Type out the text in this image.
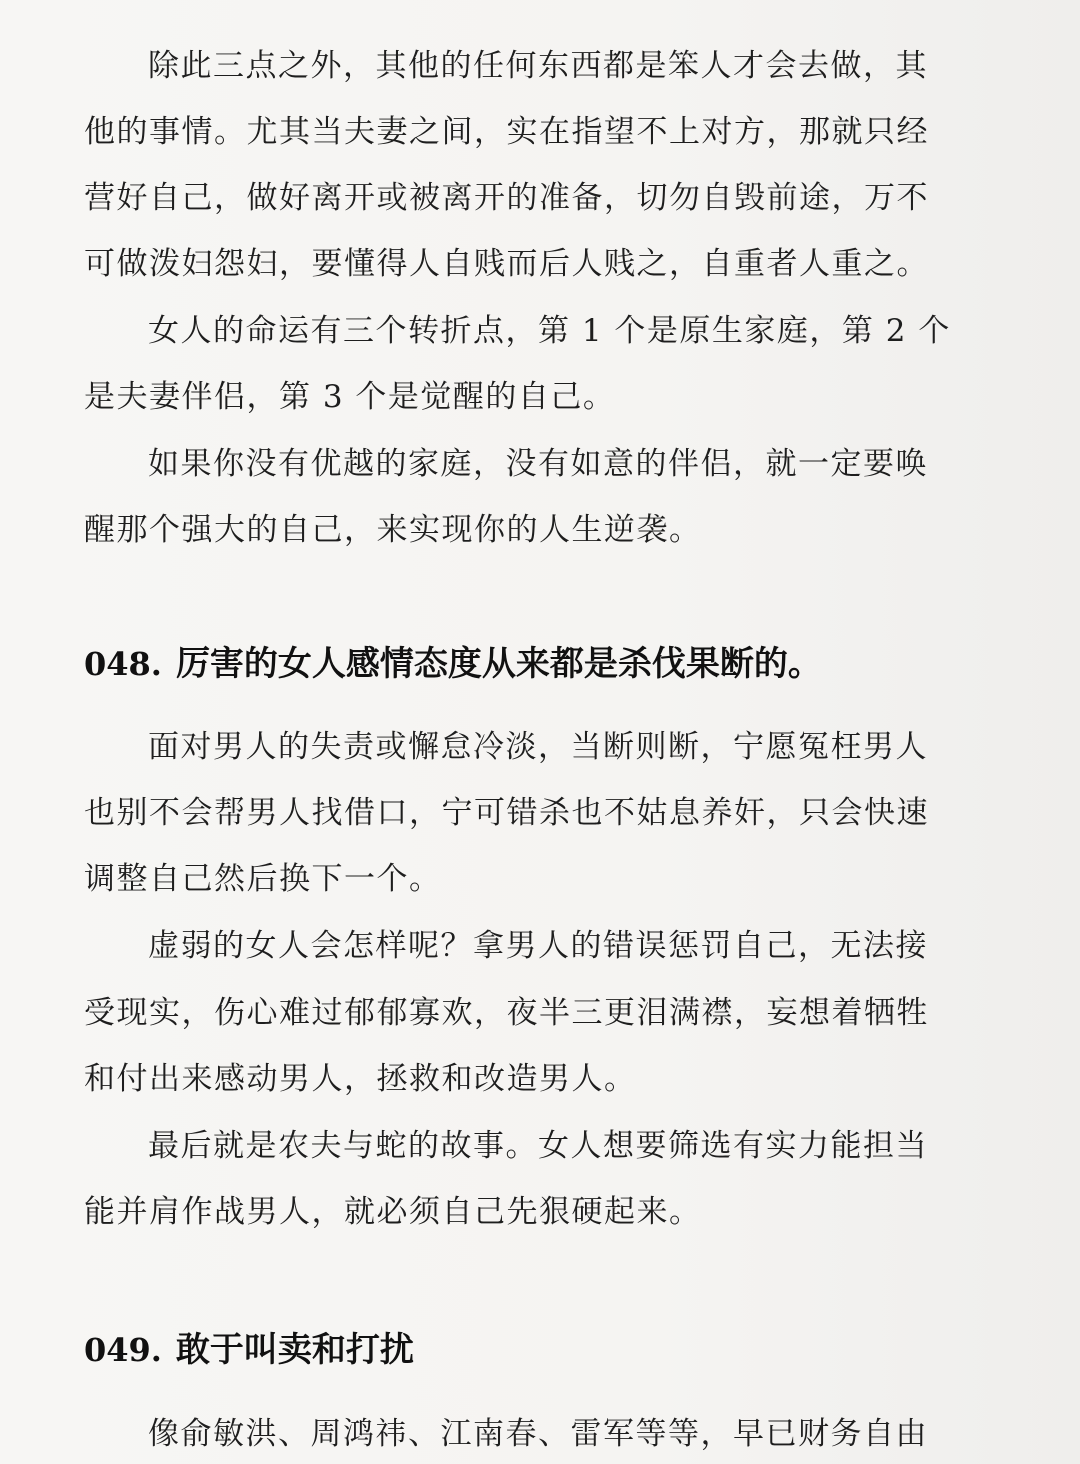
除此三点之外，其他的任何东西都是笨人才会去做，其
他的事情。尤其当夫妻之间，实在指望不上对方，那就只经
营好自己，做好离开或被离开的准备，切勿自毁前途，万不
可做泼妇怨妇，要懂得人自贱而后人贱之，自重者人重之。
女人的命运有三个转折点，第 1 个是原生家庭，第 2 个
是夫妻伴侣，第 3 个是觉醒的自己。
如果你没有优越的家庭，没有如意的伴侣，就一定要唤
醒那个强大的自己，来实现你的人生逆袭。
048. 厉害的女人感情态度从来都是杀伐果断的。
面对男人的失责或懈怠冷淡，当断则断，宁愿冤枉男人
也别不会帮男人找借口，宁可错杀也不姑息养奸，只会快速
调整自己然后换下一个。
虚弱的女人会怎样呢？拿男人的错误惩罚自己，无法接
受现实，伤心难过郁郁寡欢，夜半三更泪满襟，妄想着牺牲
和付出来感动男人，拯救和改造男人。
最后就是农夫与蛇的故事。女人想要筛选有实力能担当
能并肩作战男人，就必须自己先狠硬起来。
049. 敢于叫卖和打扰
像俞敏洪、周鸿祎、江南春、雷军等等，早已财务自由
